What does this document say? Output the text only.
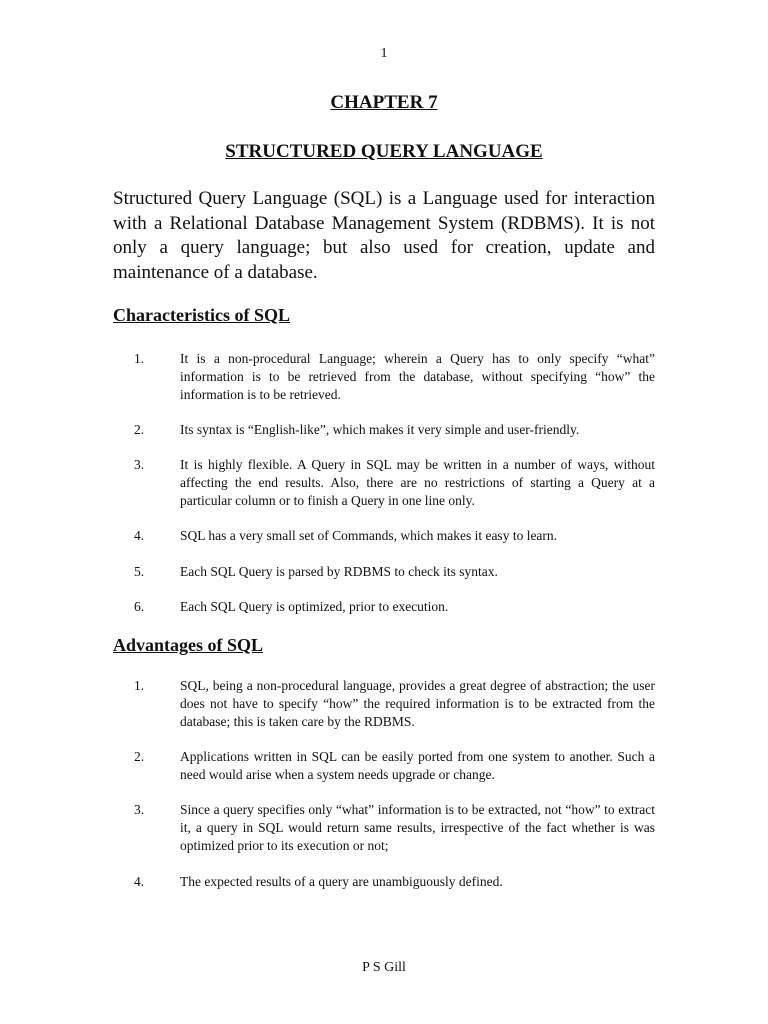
1
CHAPTER 7
STRUCTURED QUERY LANGUAGE

Structured Query Language (SQL) is a Language used for interaction with a Relational Database Management System (RDBMS). It is not only a query language; but also used for creation, update and maintenance of a database.

Characteristics of SQL
1.	It is a non-procedural Language; wherein a Query has to only specify “what” information is to be retrieved from the database, without specifying “how” the information is to be retrieved.
2.	Its syntax is “English-like”, which makes it very simple and user-friendly.
3.	It is highly flexible. A Query in SQL may be written in a number of ways, without affecting the end results. Also, there are no restrictions of starting a Query at a particular column or to finish a Query in one line only.
4.	SQL has a very small set of Commands, which makes it easy to learn.
5.	Each SQL Query is parsed by RDBMS to check its syntax.
6.	Each SQL Query is optimized, prior to execution.
Advantages of SQL
1.	SQL, being a non-procedural language, provides a great degree of abstraction; the user does not have to specify “how” the required information is to be extracted from the database; this is taken care by the RDBMS.
2.	Applications written in SQL can be easily ported from one system to another. Such a need would arise when a system needs upgrade or change.
3.	Since a query specifies only “what” information is to be extracted, not “how” to extract it, a query in SQL would return same results, irrespective of the fact whether is was optimized prior to its execution or not;
4.	The expected results of a query are unambiguously defined.
P S Gill
